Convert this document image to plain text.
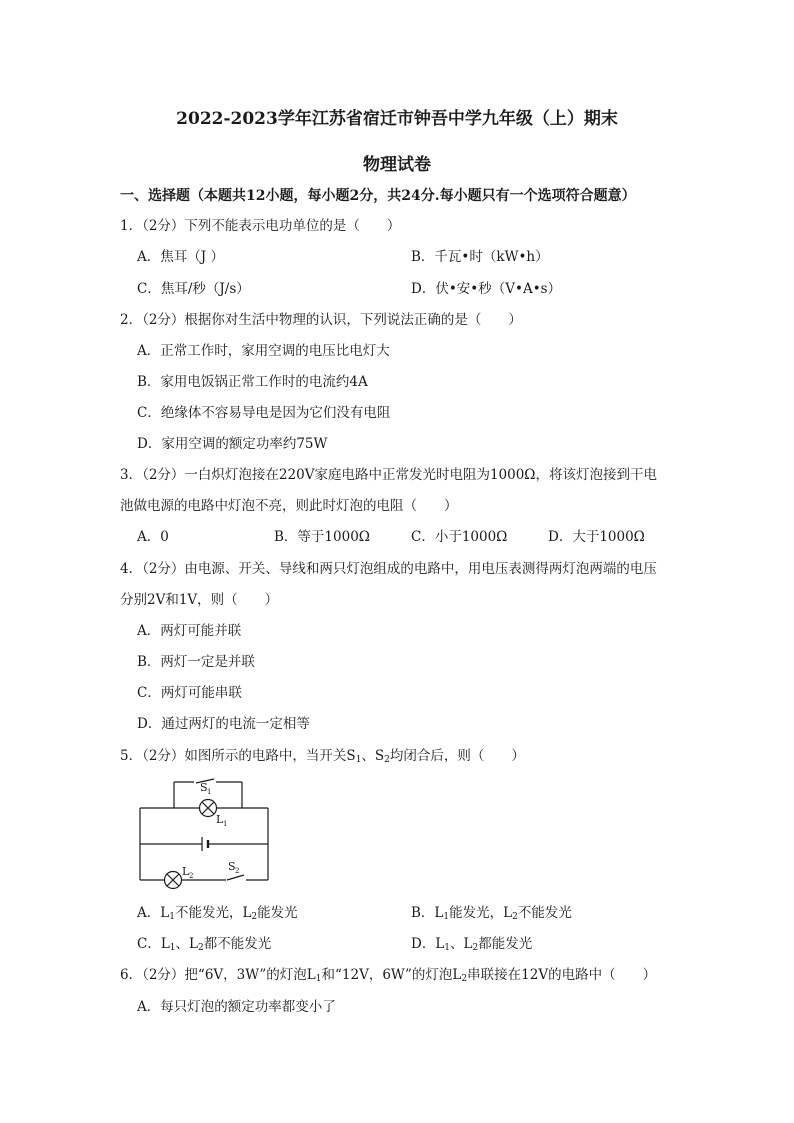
2022-2023学年江苏省宿迁市钟吾中学九年级（上）期末
物理试卷
一、选择题（本题共12小题，每小题2分，共24分.每小题只有一个选项符合题意）
1．（2分）下列不能表示电功单位的是（　　）
A．焦耳（J ）	B．千瓦•时（kW•h）
C．焦耳/秒（J/s）	D．伏•安•秒（V•A•s）
2．（2分）根据你对生活中物理的认识，下列说法正确的是（　　）
A．正常工作时，家用空调的电压比电灯大
B．家用电饭锅正常工作时的电流约4A
C．绝缘体不容易导电是因为它们没有电阻
D．家用空调的额定功率约75W
3．（2分）一白炽灯泡接在220V家庭电路中正常发光时电阻为1000Ω，将该灯泡接到干电
池做电源的电路中灯泡不亮，则此时灯泡的电阻（　　）
A．0	B．等于1000Ω	C．小于1000Ω	D．大于1000Ω
4．（2分）由电源、开关、导线和两只灯泡组成的电路中，用电压表测得两灯泡两端的电压
分别2V和1V，则（　　）
A．两灯可能并联
B．两灯一定是并联
C．两灯可能串联
D．通过两灯的电流一定相等
5．（2分）如图所示的电路中，当开关$S_1$、$S_2$均闭合后，则（　　）
S 1
L 1
L 2
S 2
A．$L_1$不能发光，$L_2$能发光	B．$L_1$能发光，$L_2$不能发光
C．$L_1$、$L_2$都不能发光	D．$L_1$、$L_2$都能发光
6．（2分）把“6V，3W”的灯泡$L_1$和“12V，6W”的灯泡$L_2$串联接在12V的电路中（　　）
A．每只灯泡的额定功率都变小了
